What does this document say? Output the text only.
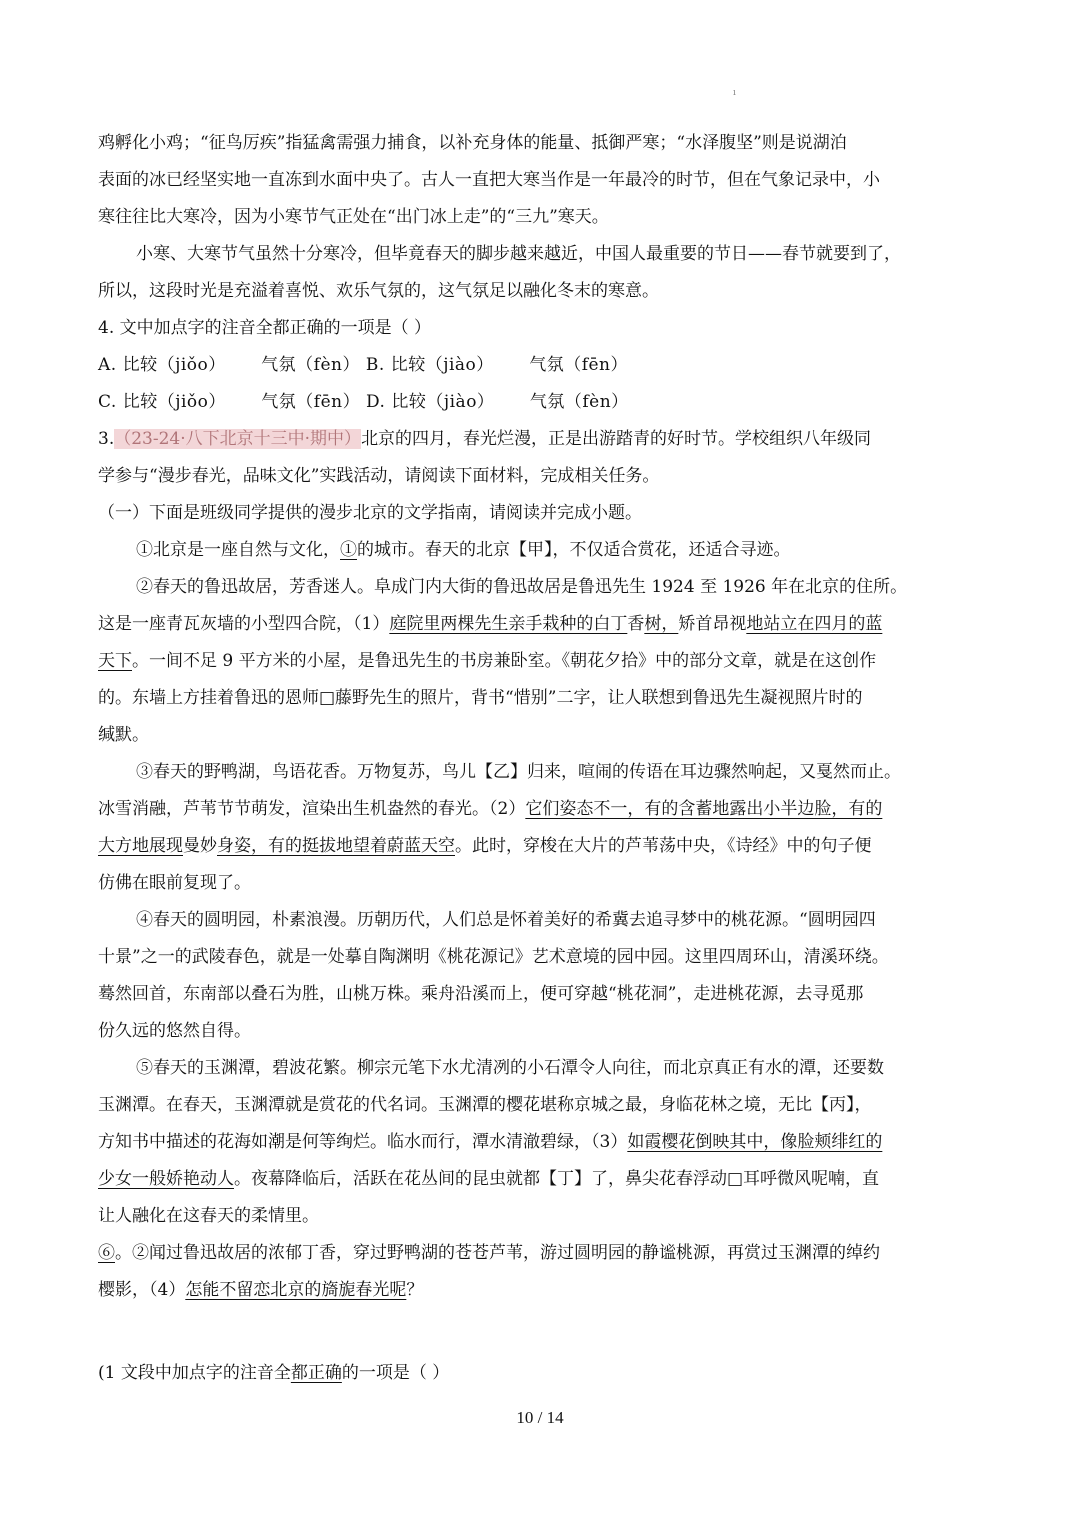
ı

鸡孵化小鸡；“征鸟厉疾”指猛禽需强力捕食，以补充身体的能量、抵御严寒；“水泽腹坚”则是说湖泊

表面的冰已经坚实地一直冻到水面中央了。古人一直把大寒当作是一年最冷的时节，但在气象记录中，小

寒往往比大寒冷，因为小寒节气正处在“出门冰上走”的“三九”寒天。

小寒、大寒节气虽然十分寒冷，但毕竟春天的脚步越来越近，中国人最重要的节日——春节就要到了，

所以，这段时光是充溢着喜悦、欢乐气氛的，这气氛足以融化冬末的寒意。

4. 文中加点字的注音全都正确的一项是（ ）

A. 比较（jiǒo）      气氛（fèn） B. 比较（jiào）      气氛（fēn）

C. 比较（jiǒo）      气氛（fēn） D. 比较（jiào）      气氛（fèn）

3.（23-24·八下北京十三中·期中）北京的四月，春光烂漫，正是出游踏青的好时节。学校组织八年级同

学参与“漫步春光，品味文化”实践活动，请阅读下面材料，完成相关任务。

（一）下面是班级同学提供的漫步北京的文学指南，请阅读并完成小题。

①北京是一座自然与文化，①的城市。春天的北京【甲】，不仅适合赏花，还适合寻迹。

②春天的鲁迅故居，芳香迷人。阜成门内大街的鲁迅故居是鲁迅先生 1924 至 1926 年在北京的住所。

这是一座青瓦灰墙的小型四合院，（1）庭院里两棵先生亲手栽种的白丁香树，矫首昂视地站立在四月的蓝

天下。一间不足 9 平方米的小屋，是鲁迅先生的书房兼卧室。《朝花夕拾》中的部分文章，就是在这创作

的。东墙上方挂着鲁迅的恩师□藤野先生的照片，背书“惜别”二字，让人联想到鲁迅先生凝视照片时的

缄默。

③春天的野鸭湖，鸟语花香。万物复苏，鸟儿【乙】归来，喧闹的传语在耳边骤然响起，又戛然而止。

冰雪消融，芦苇节节萌发，渲染出生机盎然的春光。（2）它们姿态不一，有的含蓄地露出小半边脸，有的

大方地展现曼妙身姿，有的挺拔地望着蔚蓝天空。此时，穿梭在大片的芦苇荡中央，《诗经》中的句子便

仿佛在眼前复现了。

④春天的圆明园，朴素浪漫。历朝历代，人们总是怀着美好的希冀去追寻梦中的桃花源。“圆明园四

十景”之一的武陵春色，就是一处摹自陶渊明《桃花源记》艺术意境的园中园。这里四周环山，清溪环绕。

蓦然回首，东南部以叠石为胜，山桃万株。乘舟沿溪而上，便可穿越“桃花洞”，走进桃花源，去寻觅那

份久远的悠然自得。

⑤春天的玉渊潭，碧波花繁。柳宗元笔下水尤清冽的小石潭令人向往，而北京真正有水的潭，还要数

玉渊潭。在春天，玉渊潭就是赏花的代名词。玉渊潭的樱花堪称京城之最，身临花林之境，无比【丙】，

方知书中描述的花海如潮是何等绚烂。临水而行，潭水清澈碧绿，（3）如霞樱花倒映其中，像脸颊绯红的

少女一般娇艳动人。夜幕降临后，活跃在花丛间的昆虫就都【丁】了，鼻尖花春浮动□耳呼微风呢喃，直

让人融化在这春天的柔情里。

⑥。②闻过鲁迅故居的浓郁丁香，穿过野鸭湖的苍苍芦苇，游过圆明园的静谧桃源，再赏过玉渊潭的绰约

樱影，（4）怎能不留恋北京的旖旎春光呢？

(1 文段中加点字的注音全都正确的一项是（ ）

10 / 14
